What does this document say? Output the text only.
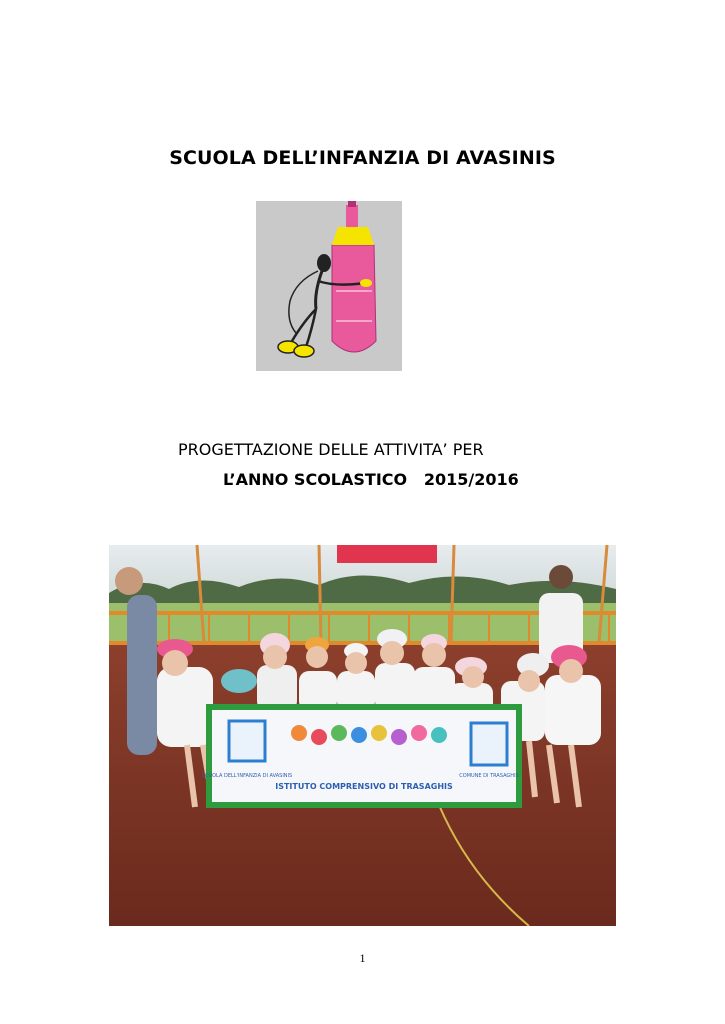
SCUOLA DELL’INFANZIA DI AVASINIS
PROGETTAZIONE DELLE ATTIVITA’ PER
L’ANNO SCOLASTICO   2015/2016
SCUOLA DELL'INFANZIA DI AVASINIS
ISTITUTO COMPRENSIVO DI TRASAGHIS
COMUNE DI TRASAGHIS
1
